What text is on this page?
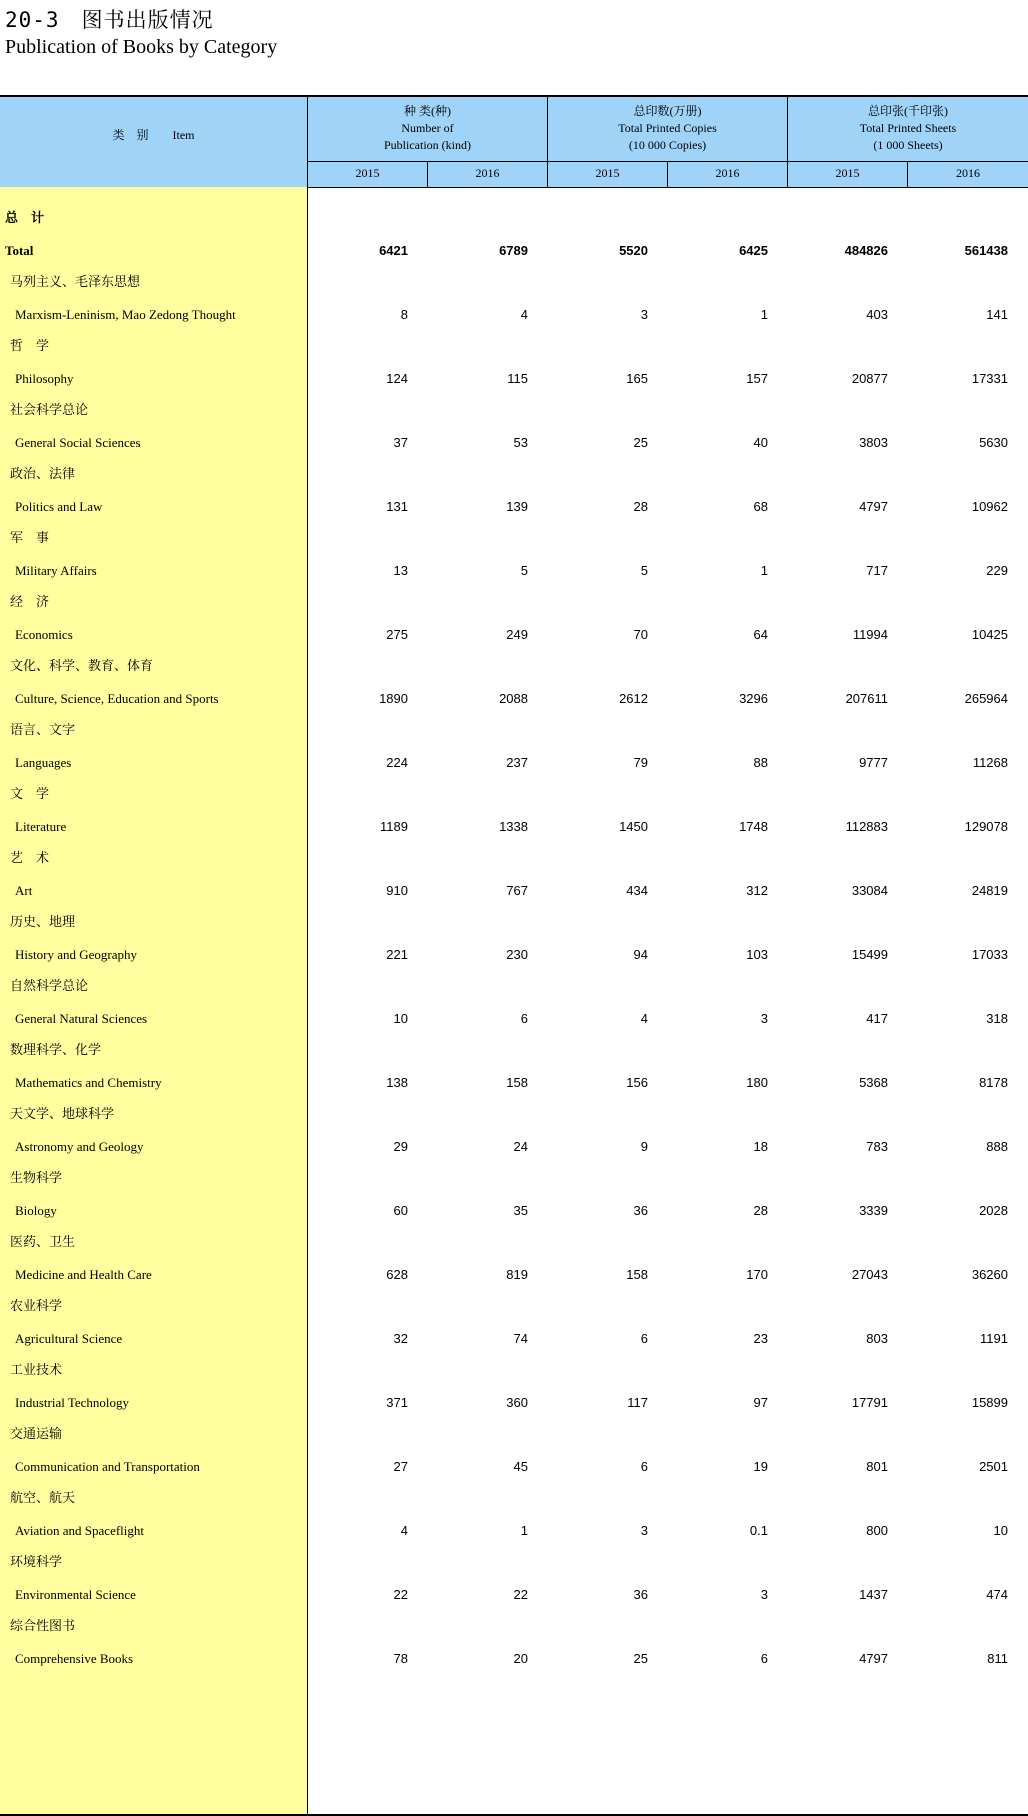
20-3　图书出版情况
Publication of Books by Category
类　别　　Item
种 类(种)
Number of
Publication (kind)
总印数(万册)
Total Printed Copies
(10 000 Copies)
总印张(千印张)
Total Printed Sheets
(1 000 Sheets)
2015	2016	2015	2016	2015	2016
总　计
Total	6421	6789	5520	6425	484826	561438
马列主义、毛泽东思想
Marxism-Leninism, Mao Zedong Thought	8	4	3	1	403	141
哲　学
Philosophy	124	115	165	157	20877	17331
社会科学总论
General Social Sciences	37	53	25	40	3803	5630
政治、法律
Politics and Law	131	139	28	68	4797	10962
军　事
Military Affairs	13	5	5	1	717	229
经　济
Economics	275	249	70	64	11994	10425
文化、科学、教育、体育
Culture, Science, Education and Sports	1890	2088	2612	3296	207611	265964
语言、文字
Languages	224	237	79	88	9777	11268
文　学
Literature	1189	1338	1450	1748	112883	129078
艺　术
Art	910	767	434	312	33084	24819
历史、地理
History and Geography	221	230	94	103	15499	17033
自然科学总论
General Natural Sciences	10	6	4	3	417	318
数理科学、化学
Mathematics and Chemistry	138	158	156	180	5368	8178
天文学、地球科学
Astronomy and Geology	29	24	9	18	783	888
生物科学
Biology	60	35	36	28	3339	2028
医药、卫生
Medicine and Health Care	628	819	158	170	27043	36260
农业科学
Agricultural Science	32	74	6	23	803	1191
工业技术
Industrial Technology	371	360	117	97	17791	15899
交通运输
Communication and Transportation	27	45	6	19	801	2501
航空、航天
Aviation and Spaceflight	4	1	3	0.1	800	10
环境科学
Environmental Science	22	22	36	3	1437	474
综合性图书
Comprehensive Books	78	20	25	6	4797	811
